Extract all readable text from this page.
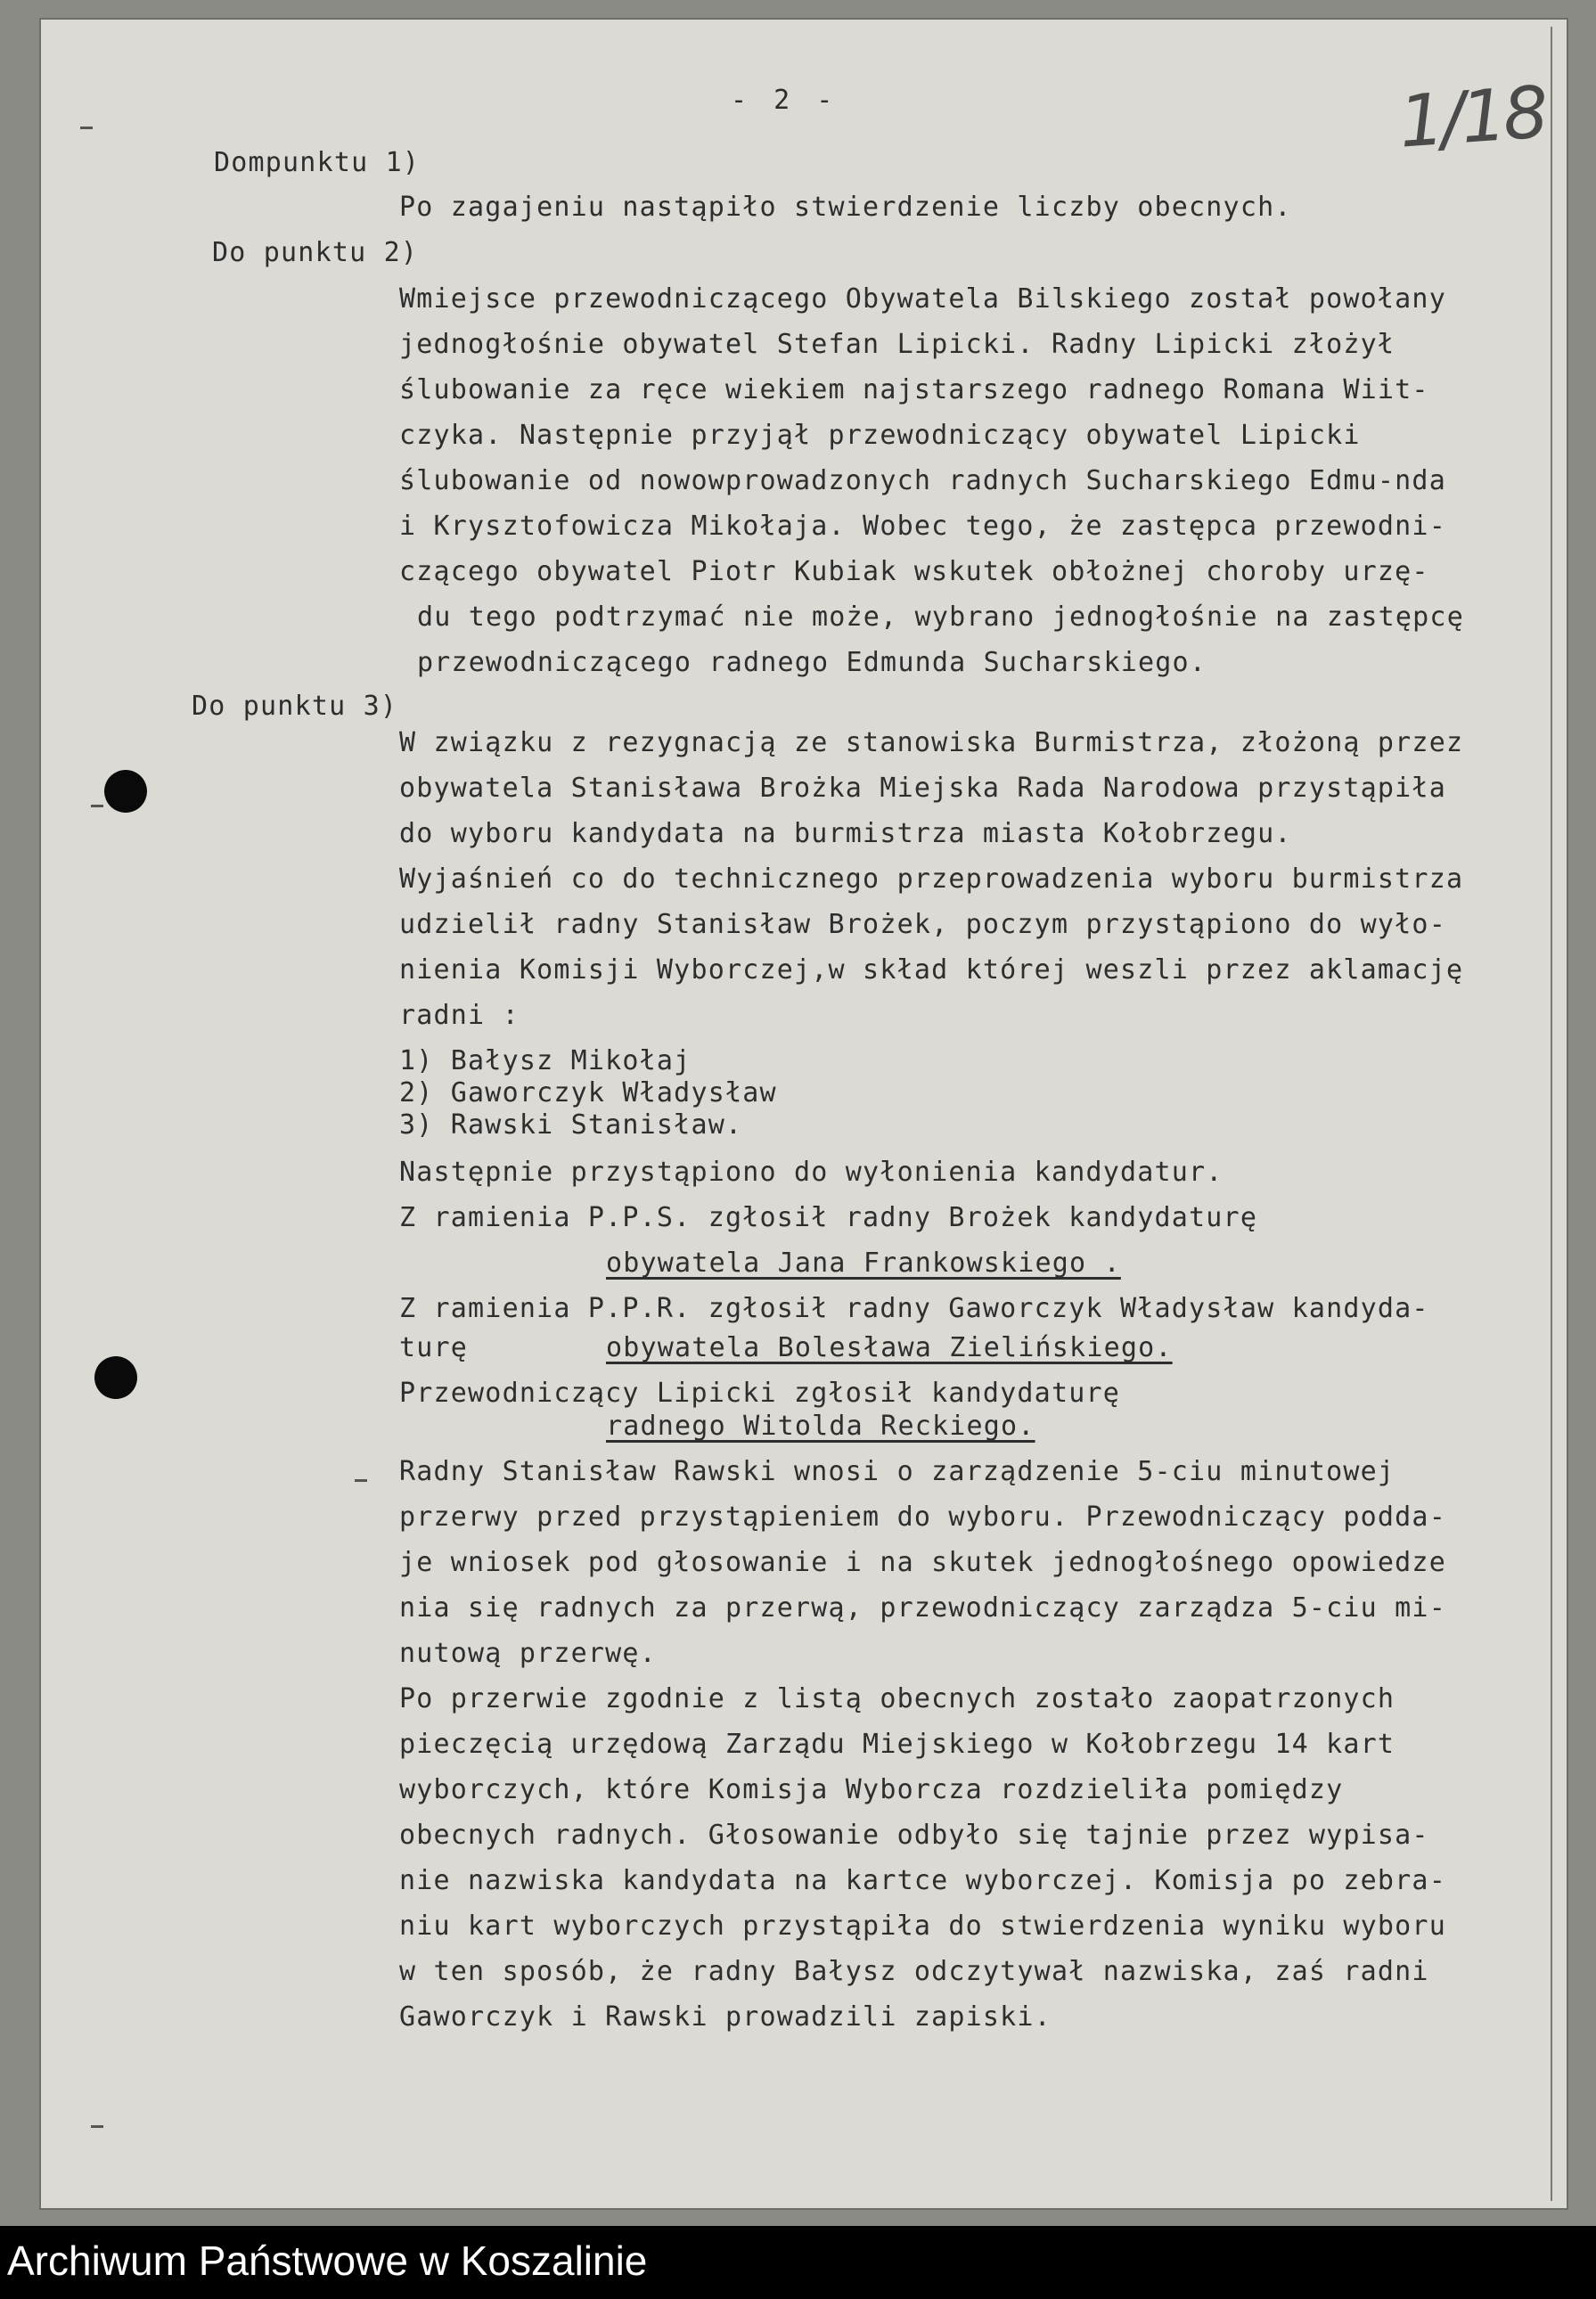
- 2 -	1/18
Dompunktu 1)
Po zagajeniu nastąpiło stwierdzenie liczby obecnych.
Do punktu 2)
Wmiejsce przewodniczącego Obywatela Bilskiego został powołany
jednogłośnie obywatel Stefan Lipicki. Radny Lipicki złożył
ślubowanie za ręce wiekiem najstarszego radnego Romana Wiit-
czyka. Następnie przyjął przewodniczący obywatel Lipicki
ślubowanie od nowowprowadzonych radnych Sucharskiego Edmu-nda
i Krysztofowicza Mikołaja. Wobec tego, że zastępca przewodni-
czącego obywatel Piotr Kubiak wskutek obłożnej choroby urzę-
du tego podtrzymać nie może, wybrano jednogłośnie na zastępcę
przewodniczącego radnego Edmunda Sucharskiego.
Do punktu 3)
W związku z rezygnacją ze stanowiska Burmistrza, złożoną przez
obywatela Stanisława Brożka Miejska Rada Narodowa przystąpiła
do wyboru kandydata na burmistrza miasta Kołobrzegu.
Wyjaśnień co do technicznego przeprowadzenia wyboru burmistrza
udzielił radny Stanisław Brożek, poczym przystąpiono do wyło-
nienia Komisji Wyborczej,w skład której weszli przez aklamację
radni :
1) Bałysz Mikołaj
2) Gaworczyk Władysław
3) Rawski Stanisław.
Następnie przystąpiono do wyłonienia kandydatur.
Z ramienia P.P.S. zgłosił radny Brożek kandydaturę
obywatela Jana Frankowskiego .
Z ramienia P.P.R. zgłosił radny Gaworczyk Władysław kandyda-
turę	obywatela Bolesława Zielińskiego.
Przewodniczący Lipicki zgłosił kandydaturę
radnego Witolda Reckiego.
Radny Stanisław Rawski wnosi o zarządzenie 5-ciu minutowej
przerwy przed przystąpieniem do wyboru. Przewodniczący podda-
je wniosek pod głosowanie i na skutek jednogłośnego opowiedze
nia się radnych za przerwą, przewodniczący zarządza 5-ciu mi-
nutową przerwę.
Po przerwie zgodnie z listą obecnych zostało zaopatrzonych
pieczęcią urzędową Zarządu Miejskiego w Kołobrzegu 14 kart
wyborczych, które Komisja Wyborcza rozdzieliła pomiędzy
obecnych radnych. Głosowanie odbyło się tajnie przez wypisa-
nie nazwiska kandydata na kartce wyborczej. Komisja po zebra-
niu kart wyborczych przystąpiła do stwierdzenia wyniku wyboru
w ten sposób, że radny Bałysz odczytywał nazwiska, zaś radni
Gaworczyk i Rawski prowadzili zapiski.
Archiwum Państwowe w Koszalinie
